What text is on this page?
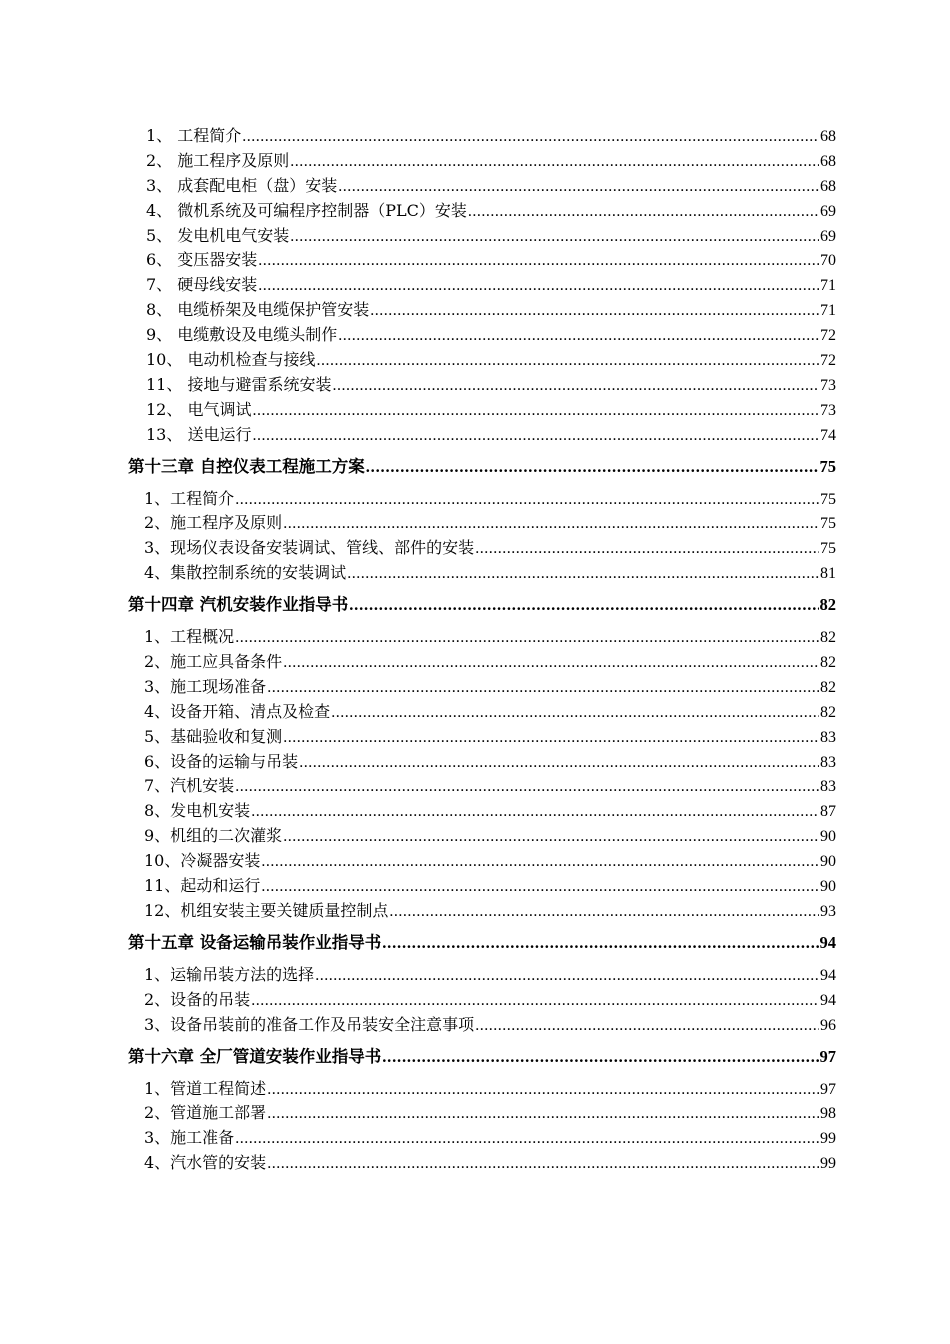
1、 工程简介 .....	68
2、 施工程序及原则 .....	68
3、 成套配电柜（盘）安装 .....	68
4、 微机系统及可编程序控制器（PLC）安装 .....	69
5、 发电机电气安装 .....	69
6、 变压器安装 .....	70
7、 硬母线安装 .....	71
8、 电缆桥架及电缆保护管安装 .....	71
9、 电缆敷设及电缆头制作 .....	72
10、 电动机检查与接线 .....	72
11、 接地与避雷系统安装 .....	73
12、 电气调试 .....	73
13、 送电运行 .....	74
第十三章 自控仪表工程施工方案 .....	75
1、工程简介 .....	75
2、施工程序及原则 .....	75
3、现场仪表设备安装调试、管线、部件的安装 .....	75
4、集散控制系统的安装调试 .....	81
第十四章 汽机安装作业指导书 .....	82
1、工程概况 .....	82
2、施工应具备条件 .....	82
3、施工现场准备 .....	82
4、设备开箱、清点及检查 .....	82
5、基础验收和复测 .....	83
6、设备的运输与吊装 .....	83
7、汽机安装 .....	83
8、发电机安装 .....	87
9、机组的二次灌浆 .....	90
10、冷凝器安装 .....	90
11、起动和运行 .....	90
12、机组安装主要关键质量控制点 .....	93
第十五章 设备运输吊装作业指导书 .....	94
1、运输吊装方法的选择 .....	94
2、设备的吊装 .....	94
3、设备吊装前的准备工作及吊装安全注意事项 .....	96
第十六章 全厂管道安装作业指导书 .....	97
1、管道工程简述 .....	97
2、管道施工部署 .....	98
3、施工准备 .....	99
4、汽水管的安装 .....	99
